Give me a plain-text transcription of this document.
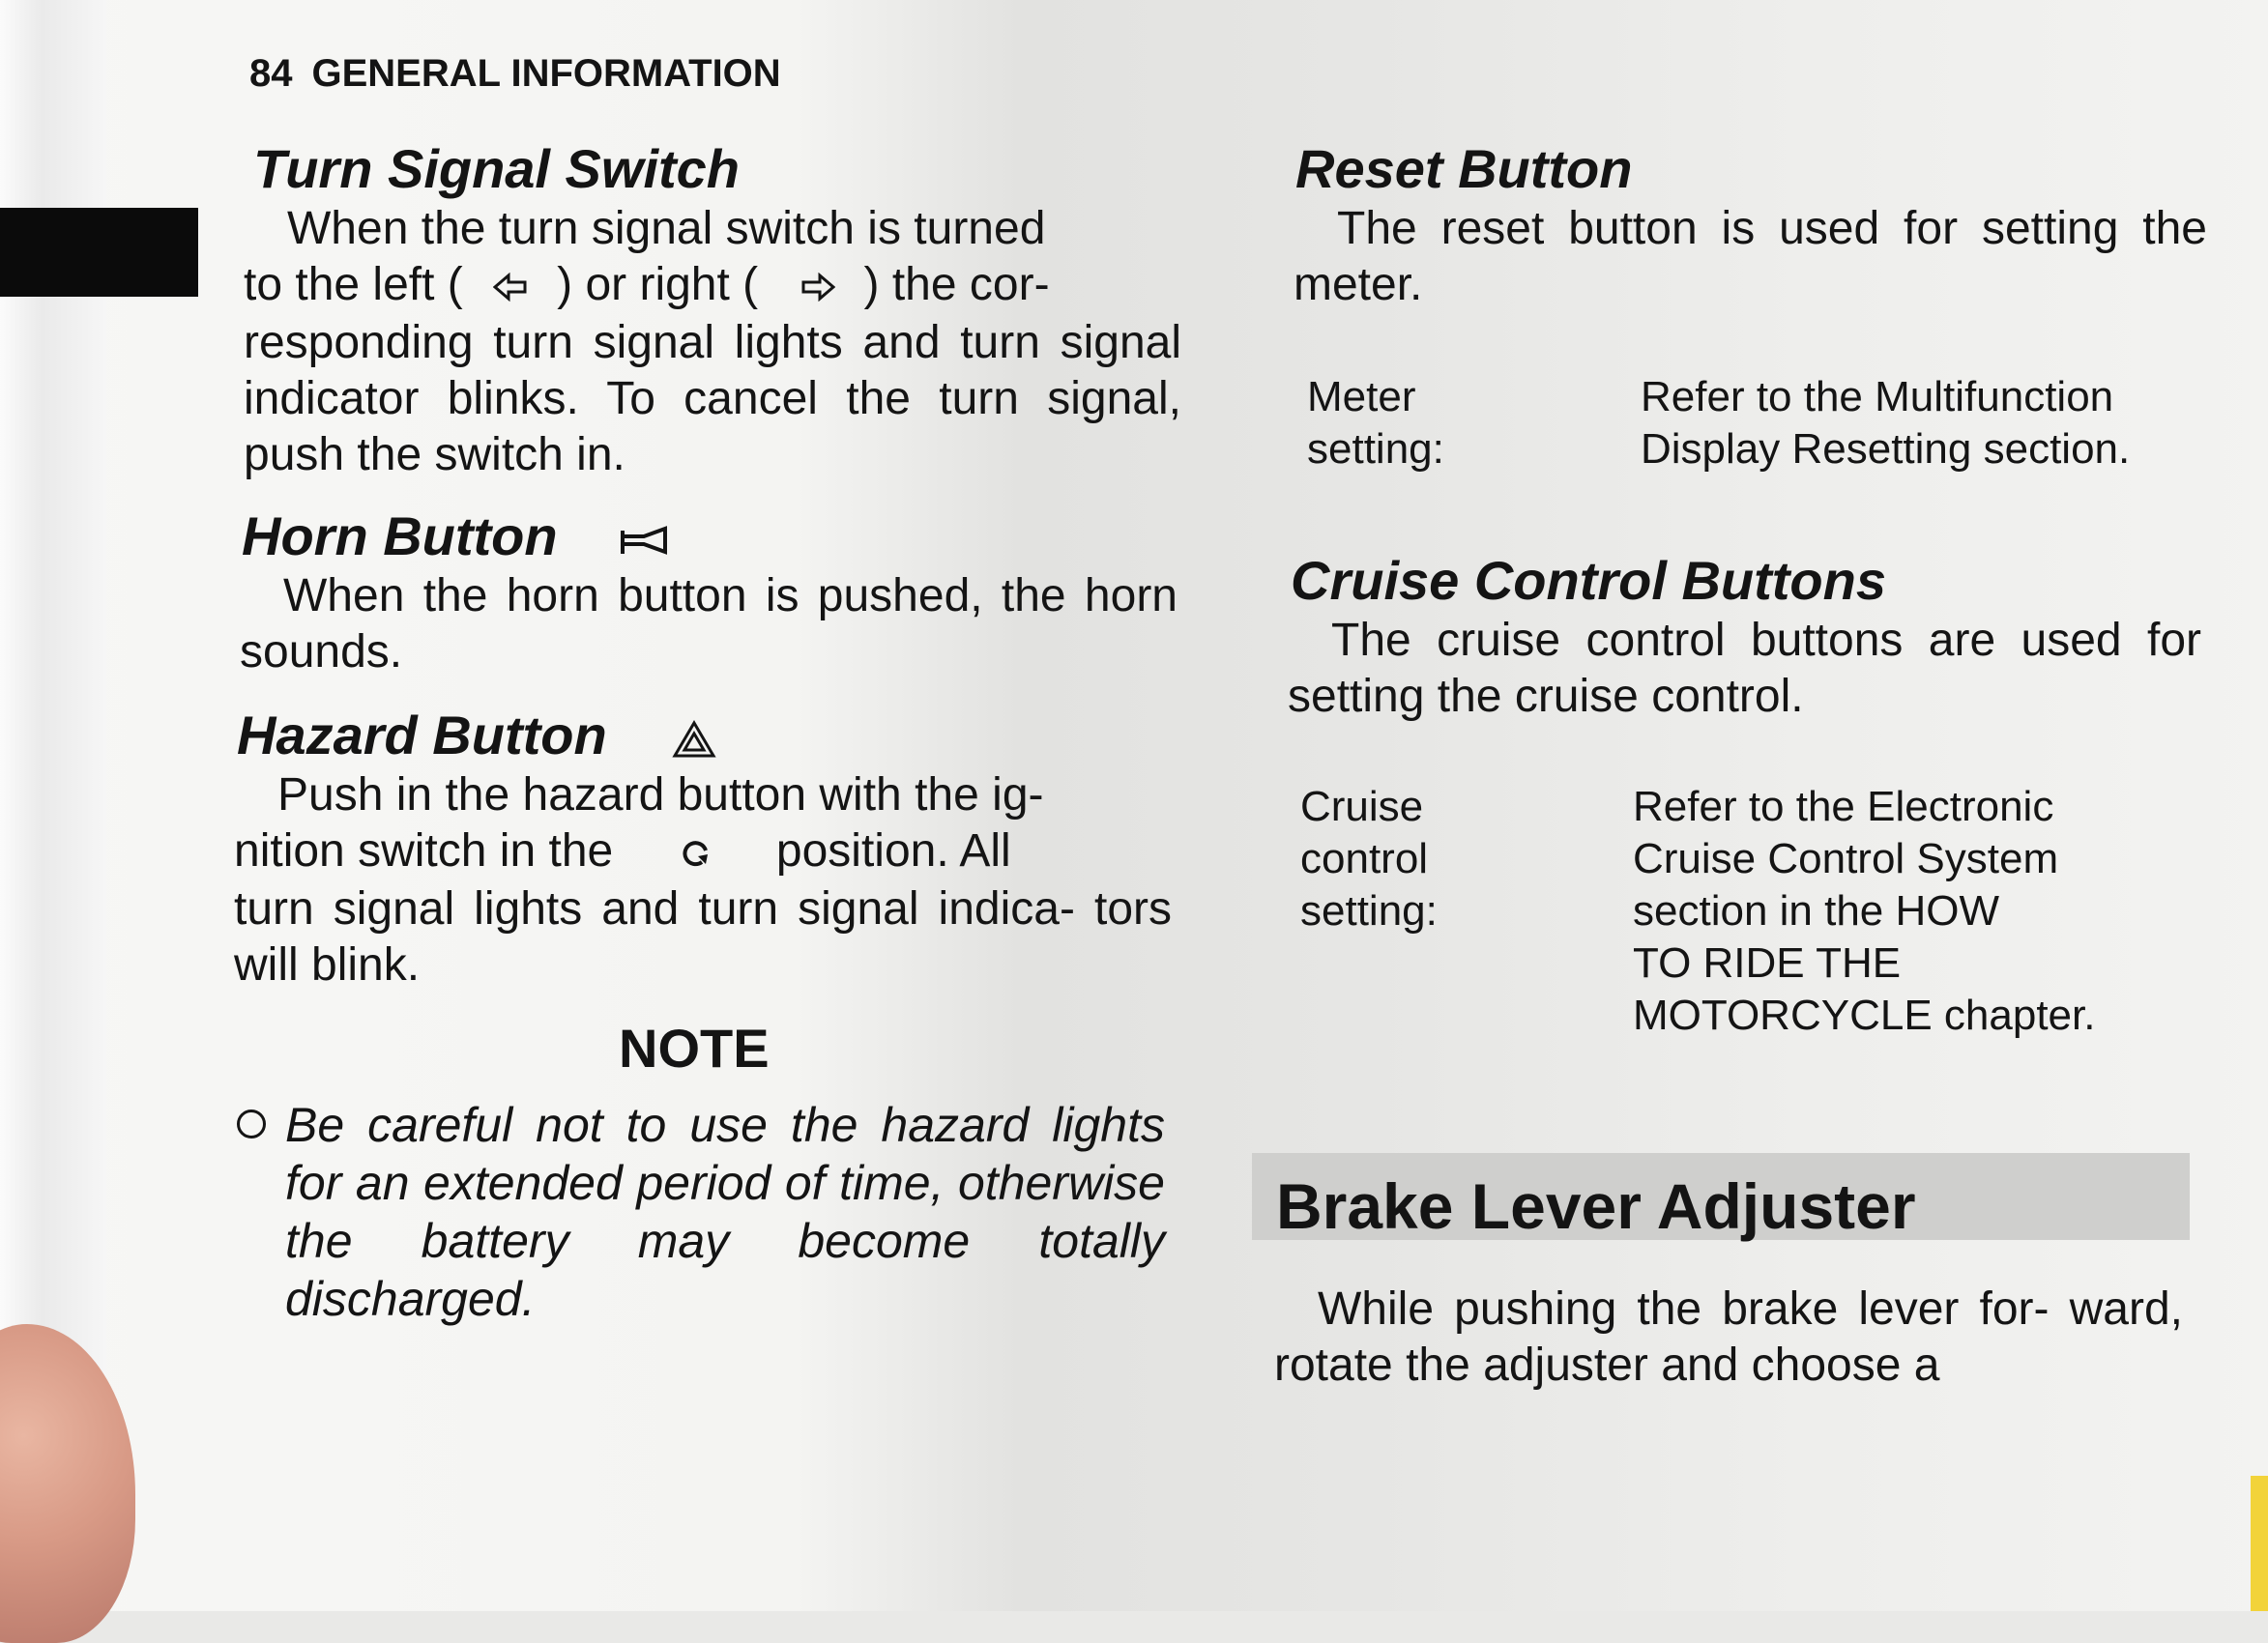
84 GENERAL INFORMATION
Turn Signal Switch
When the turn signal switch is turned
to the left ( ) or right ( ) the cor-
responding turn signal lights and turn signal indicator blinks. To cancel the turn signal, push the switch in.
Horn Button
When the horn button is pushed, the horn sounds.
Hazard Button
Push in the hazard button with the ig-
nition switch in the	position. All
turn signal lights and turn signal indica- tors will blink.
NOTE
Be careful not to use the hazard lights for an extended period of time, otherwise the battery may become totally discharged.
Reset Button
The reset button is used for setting the meter.
Meter setting:
Refer to the Multifunction
Display Resetting section.
Cruise Control Buttons
The cruise control buttons are used for setting the cruise control.
Cruise
control
setting:
Refer to the Electronic
Cruise Control System
section in the HOW
TO RIDE THE
MOTORCYCLE chapter.
Brake Lever Adjuster
While pushing the brake lever for- ward, rotate the adjuster and choose a
